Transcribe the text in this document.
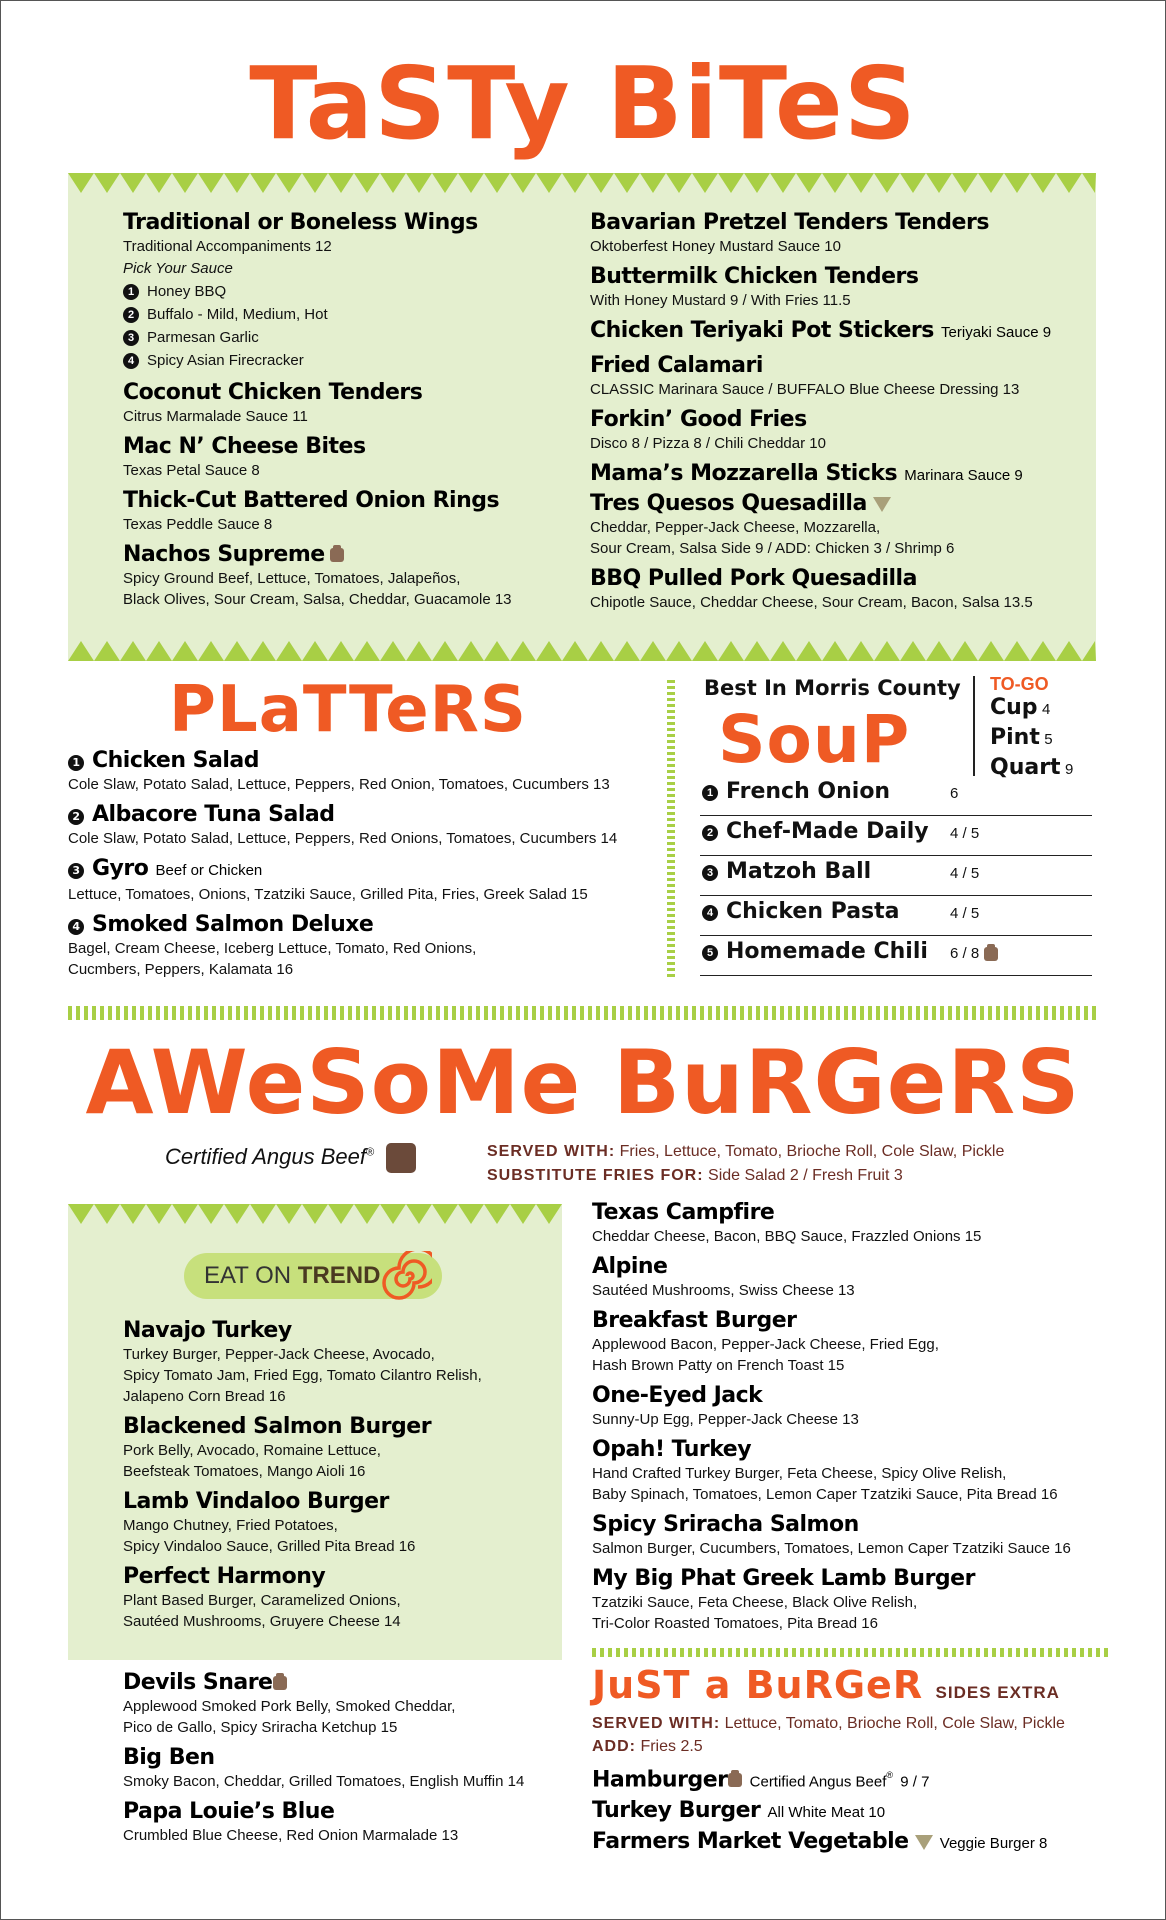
TaSTy BiTeS
Traditional or Boneless Wings
Traditional Accompaniments 12
Pick Your Sauce
1 Honey BBQ
2 Buffalo - Mild, Medium, Hot
3 Parmesan Garlic
4 Spicy Asian Firecracker
Coconut Chicken Tenders
Citrus Marmalade Sauce 11
Mac N’ Cheese Bites
Texas Petal Sauce 8
Thick-Cut Battered Onion Rings
Texas Peddle Sauce 8
Nachos Supreme
Spicy Ground Beef, Lettuce, Tomatoes, Jalapeños,
Black Olives, Sour Cream, Salsa, Cheddar, Guacamole 13
Bavarian Pretzel Tenders Tenders
Oktoberfest Honey Mustard Sauce 10
Buttermilk Chicken Tenders
With Honey Mustard 9 / With Fries 11.5
Chicken Teriyaki Pot Stickers Teriyaki Sauce 9
Fried Calamari
CLASSIC Marinara Sauce / BUFFALO Blue Cheese Dressing 13
Forkin’ Good Fries
Disco 8 / Pizza 8 / Chili Cheddar 10
Mama’s Mozzarella Sticks Marinara Sauce 9
Tres Quesos Quesadilla
Cheddar, Pepper-Jack Cheese, Mozzarella,
Sour Cream, Salsa Side 9 / ADD: Chicken 3 / Shrimp 6
BBQ Pulled Pork Quesadilla
Chipotle Sauce, Cheddar Cheese, Sour Cream, Bacon, Salsa 13.5
PLaTTeRS
1 Chicken Salad
Cole Slaw, Potato Salad, Lettuce, Peppers, Red Onion, Tomatoes, Cucumbers 13
2 Albacore Tuna Salad
Cole Slaw, Potato Salad, Lettuce, Peppers, Red Onions, Tomatoes, Cucumbers 14
3 Gyro Beef or Chicken
Lettuce, Tomatoes, Onions, Tzatziki Sauce, Grilled Pita, Fries, Greek Salad 15
4 Smoked Salmon Deluxe
Bagel, Cream Cheese, Iceberg Lettuce, Tomato, Red Onions,
Cucmbers, Peppers, Kalamata 16
Best In Morris County
SouP
TO-GO
Cup 4
Pint 5
Quart 9
1 French Onion	6
2 Chef-Made Daily 4 / 5
3 Matzoh Ball	4 / 5
4 Chicken Pasta	4 / 5
5 Homemade Chili 6 / 8
AWeSoMe BuRGeRS
Certified Angus Beef®	SERVED WITH: Fries, Lettuce, Tomato, Brioche Roll, Cole Slaw, Pickle
SUBSTITUTE FRIES FOR: Side Salad 2 / Fresh Fruit 3
EAT ON TREND
Navajo Turkey
Turkey Burger, Pepper-Jack Cheese, Avocado,
Spicy Tomato Jam, Fried Egg, Tomato Cilantro Relish,
Jalapeno Corn Bread 16
Blackened Salmon Burger
Pork Belly, Avocado, Romaine Lettuce,
Beefsteak Tomatoes, Mango Aioli 16
Lamb Vindaloo Burger
Mango Chutney, Fried Potatoes,
Spicy Vindaloo Sauce, Grilled Pita Bread 16
Perfect Harmony
Plant Based Burger, Caramelized Onions,
Sautéed Mushrooms, Gruyere Cheese 14
Devils Snare
Applewood Smoked Pork Belly, Smoked Cheddar,
Pico de Gallo, Spicy Sriracha Ketchup 15
Big Ben
Smoky Bacon, Cheddar, Grilled Tomatoes, English Muffin 14
Papa Louie’s Blue
Crumbled Blue Cheese, Red Onion Marmalade 13
Texas Campfire
Cheddar Cheese, Bacon, BBQ Sauce, Frazzled Onions 15
Alpine
Sautéed Mushrooms, Swiss Cheese 13
Breakfast Burger
Applewood Bacon, Pepper-Jack Cheese, Fried Egg,
Hash Brown Patty on French Toast 15
One-Eyed Jack
Sunny-Up Egg, Pepper-Jack Cheese 13
Opah! Turkey
Hand Crafted Turkey Burger, Feta Cheese, Spicy Olive Relish,
Baby Spinach, Tomatoes, Lemon Caper Tzatziki Sauce, Pita Bread 16
Spicy Sriracha Salmon
Salmon Burger, Cucumbers, Tomatoes, Lemon Caper Tzatziki Sauce 16
My Big Phat Greek Lamb Burger
Tzatziki Sauce, Feta Cheese, Black Olive Relish,
Tri-Color Roasted Tomatoes, Pita Bread 16
JuST a BuRGeR SIDES EXTRA
SERVED WITH: Lettuce, Tomato, Brioche Roll, Cole Slaw, Pickle
ADD: Fries 2.5
Hamburger Certified Angus Beef® 9 / 7
Turkey Burger All White Meat 10
Farmers Market Vegetable Veggie Burger 8
